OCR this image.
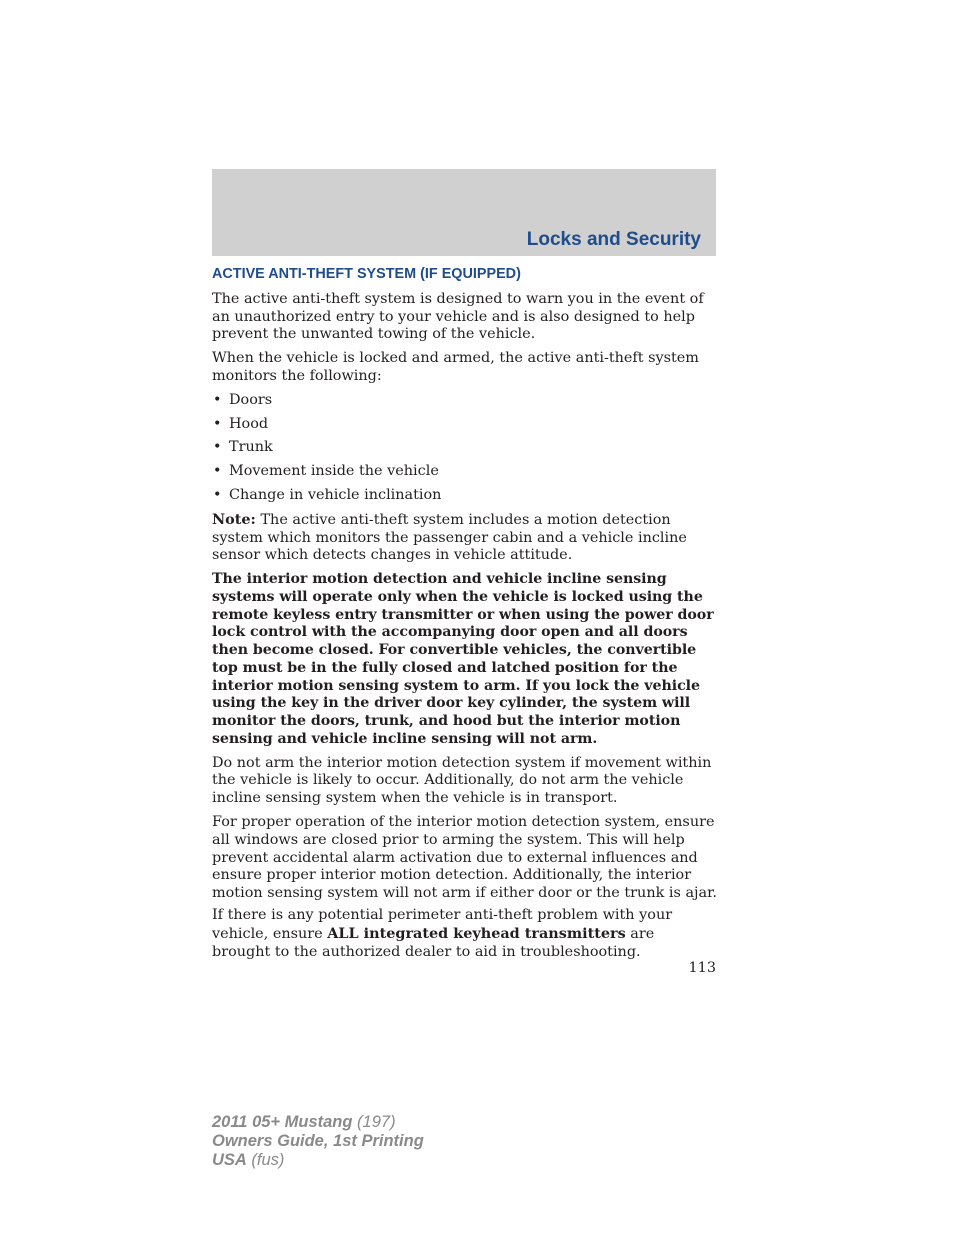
Locks and Security
ACTIVE ANTI-THEFT SYSTEM (IF EQUIPPED)

The active anti-theft system is designed to warn you in the event of an unauthorized entry to your vehicle and is also designed to help prevent the unwanted towing of the vehicle.

When the vehicle is locked and armed, the active anti-theft system monitors the following:

• Doors
• Hood
• Trunk
• Movement inside the vehicle
• Change in vehicle inclination

Note: The active anti-theft system includes a motion detection system which monitors the passenger cabin and a vehicle incline sensor which detects changes in vehicle attitude.

The interior motion detection and vehicle incline sensing systems will operate only when the vehicle is locked using the remote keyless entry transmitter or when using the power door lock control with the accompanying door open and all doors then become closed. For convertible vehicles, the convertible top must be in the fully closed and latched position for the interior motion sensing system to arm. If you lock the vehicle using the key in the driver door key cylinder, the system will monitor the doors, trunk, and hood but the interior motion sensing and vehicle incline sensing will not arm.

Do not arm the interior motion detection system if movement within the vehicle is likely to occur. Additionally, do not arm the vehicle incline sensing system when the vehicle is in transport.

For proper operation of the interior motion detection system, ensure all windows are closed prior to arming the system. This will help prevent accidental alarm activation due to external influences and ensure proper interior motion detection. Additionally, the interior motion sensing system will not arm if either door or the trunk is ajar.

If there is any potential perimeter anti-theft problem with your vehicle, ensure ALL integrated keyhead transmitters are brought to the authorized dealer to aid in troubleshooting.

113
2011 05+ Mustang (197)
Owners Guide, 1st Printing
USA (fus)
